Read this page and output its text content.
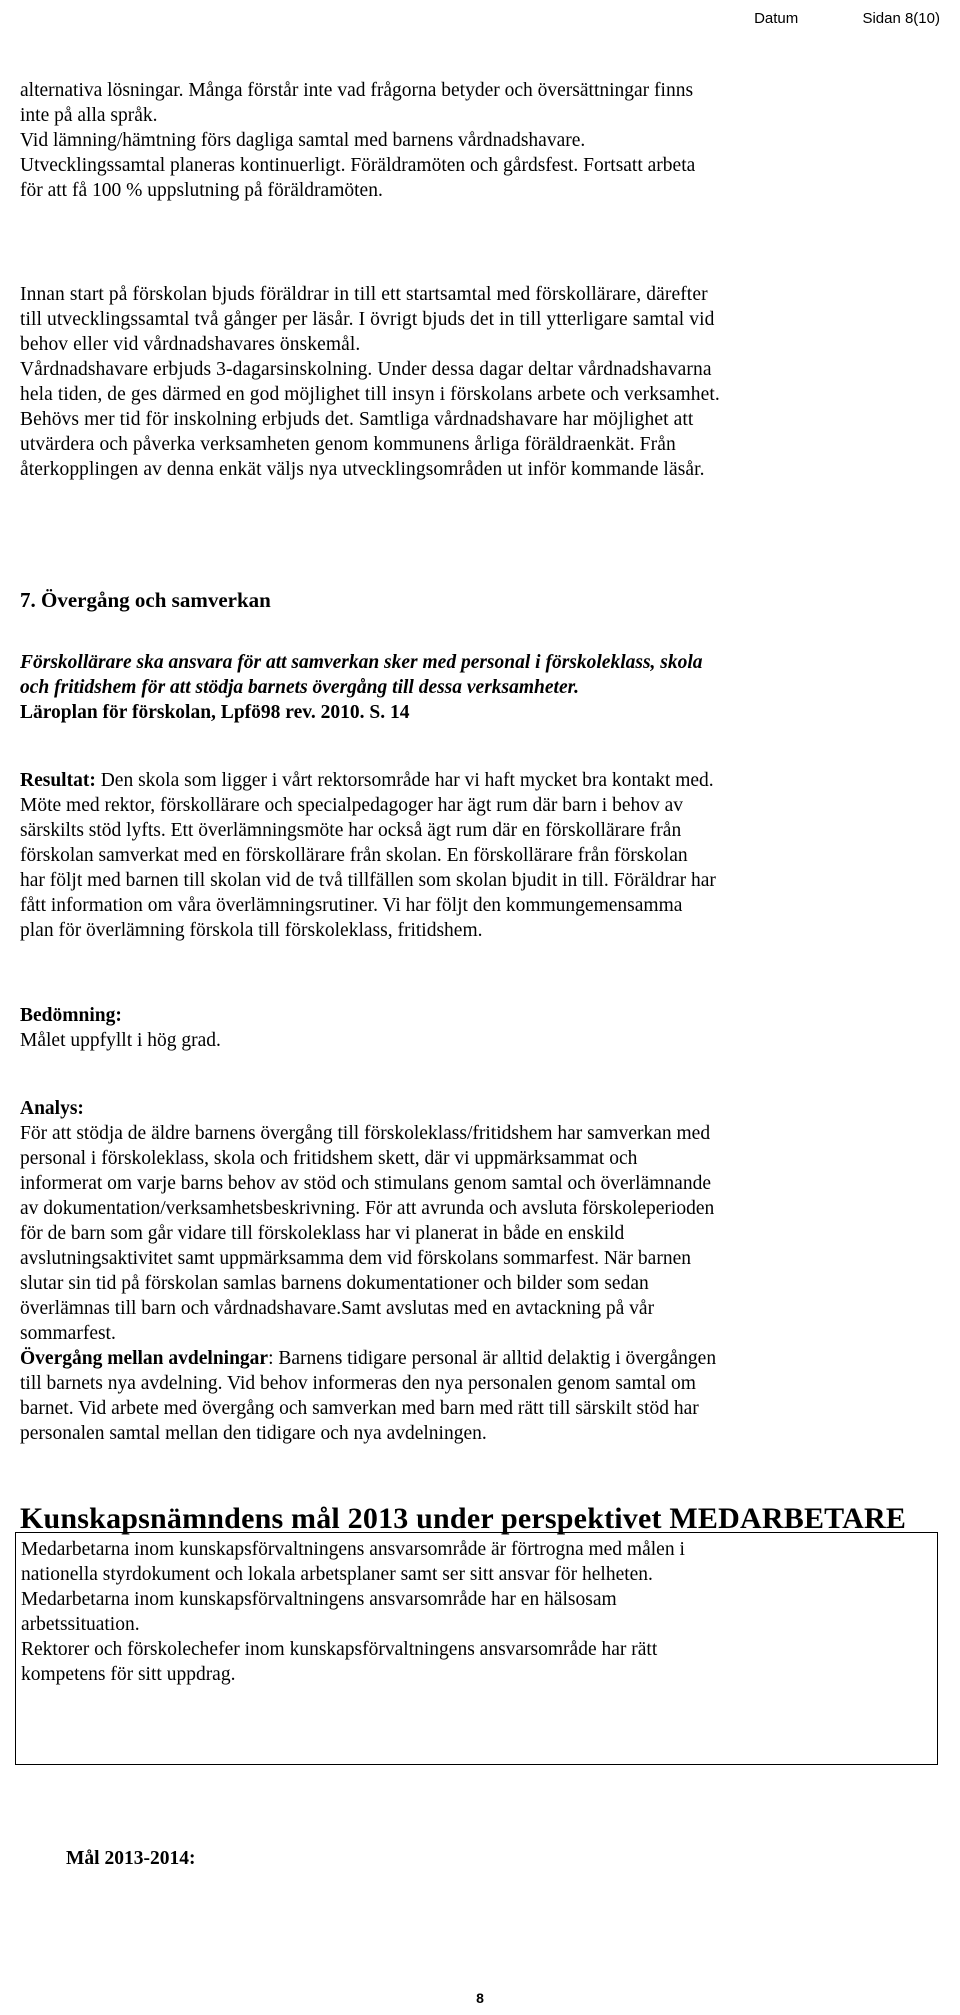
Datum	Sidan 8(10)
alternativa lösningar. Många förstår inte vad frågorna betyder och översättningar finns
inte på alla språk.
Vid lämning/hämtning förs dagliga samtal med barnens vårdnadshavare.
Utvecklingssamtal planeras kontinuerligt. Föräldramöten och gårdsfest. Fortsatt arbeta
för att få 100 % uppslutning på föräldramöten.
Innan start på förskolan bjuds föräldrar in till ett startsamtal med förskollärare, därefter
till utvecklingssamtal två gånger per läsår. I övrigt bjuds det in till ytterligare samtal vid
behov eller vid vårdnadshavares önskemål.
Vårdnadshavare erbjuds 3-dagarsinskolning. Under dessa dagar deltar vårdnadshavarna
hela tiden, de ges därmed en god möjlighet till insyn i förskolans arbete och verksamhet.
Behövs mer tid för inskolning erbjuds det. Samtliga vårdnadshavare har möjlighet att
utvärdera och påverka verksamheten genom kommunens årliga föräldraenkät. Från
återkopplingen av denna enkät väljs nya utvecklingsområden ut inför kommande läsår.
7. Övergång och samverkan
Förskollärare ska ansvara för att samverkan sker med personal i förskoleklass, skola
och fritidshem för att stödja barnets övergång till dessa verksamheter.
Läroplan för förskolan, Lpfö98 rev. 2010. S. 14
Resultat: Den skola som ligger i vårt rektorsområde har vi haft mycket bra kontakt med.
Möte med rektor, förskollärare och specialpedagoger har ägt rum där barn i behov av
särskilts stöd lyfts. Ett överlämningsmöte har också ägt rum där en förskollärare från
förskolan samverkat med en förskollärare från skolan. En förskollärare från förskolan
har följt med barnen till skolan vid de två tillfällen som skolan bjudit in till. Föräldrar har
fått information om våra överlämningsrutiner. Vi har följt den kommungemensamma
plan för överlämning förskola till förskoleklass, fritidshem.
Bedömning:
Målet uppfyllt i hög grad.
Analys:
För att stödja de äldre barnens övergång till förskoleklass/fritidshem har samverkan med
personal i förskoleklass, skola och fritidshem skett, där vi uppmärksammat och
informerat om varje barns behov av stöd och stimulans genom samtal och överlämnande
av dokumentation/verksamhetsbeskrivning. För att avrunda och avsluta förskoleperioden
för de barn som går vidare till förskoleklass har vi planerat in både en enskild
avslutningsaktivitet samt uppmärksamma dem vid förskolans sommarfest. När barnen
slutar sin tid på förskolan samlas barnens dokumentationer och bilder som sedan
överlämnas till barn och vårdnadshavare.Samt avslutas med en avtackning på vår
sommarfest.
Övergång mellan avdelningar: Barnens tidigare personal är alltid delaktig i övergången
till barnets nya avdelning. Vid behov informeras den nya personalen genom samtal om
barnet. Vid arbete med övergång och samverkan med barn med rätt till särskilt stöd har
personalen samtal mellan den tidigare och nya avdelningen.
Kunskapsnämndens mål 2013 under perspektivet MEDARBETARE
Medarbetarna inom kunskapsförvaltningens ansvarsområde är förtrogna med målen i
nationella styrdokument och lokala arbetsplaner samt ser sitt ansvar för helheten.
Medarbetarna inom kunskapsförvaltningens ansvarsområde har en hälsosam
arbetssituation.
Rektorer och förskolechefer inom kunskapsförvaltningens ansvarsområde har rätt
kompetens för sitt uppdrag.
Mål 2013-2014:
8
